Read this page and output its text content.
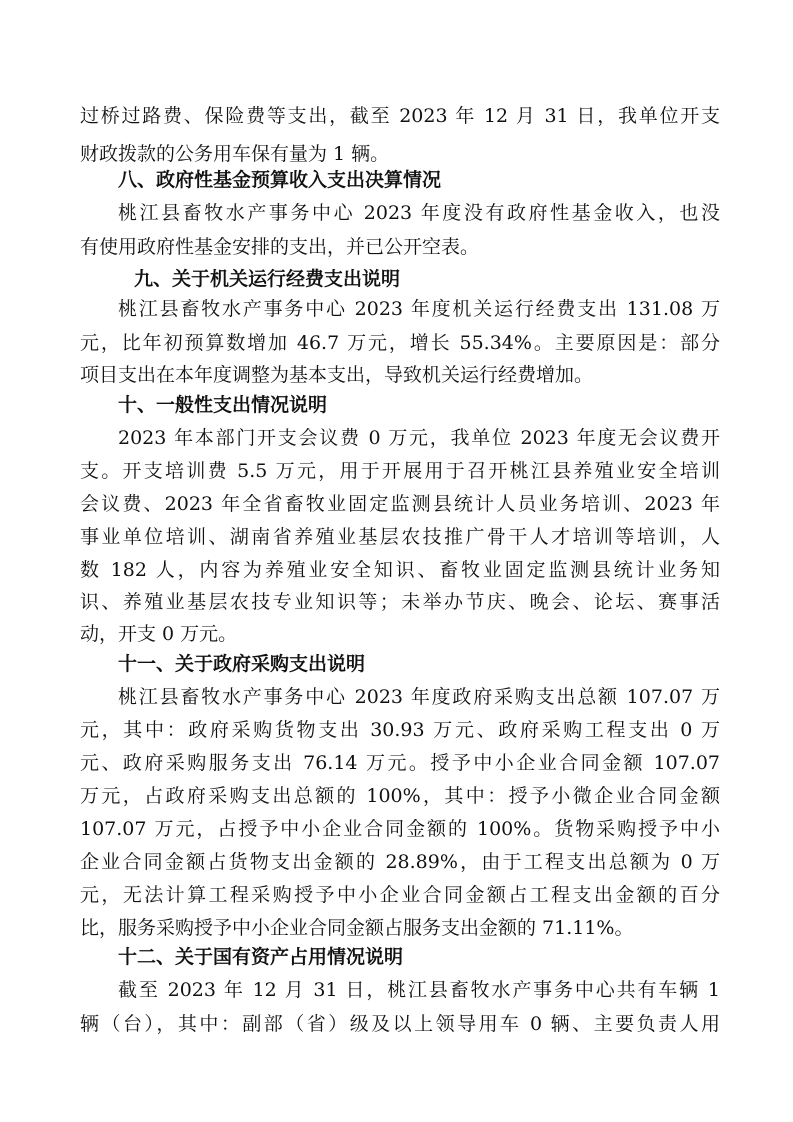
过桥过路费、保险费等支出，截至 2023 年 12 月 31 日，我单位开支
财政拨款的公务用车保有量为 1 辆。
八、政府性基金预算收入支出决算情况
桃江县畜牧水产事务中心 2023 年度没有政府性基金收入，也没
有使用政府性基金安排的支出，并已公开空表。
九、关于机关运行经费支出说明
桃江县畜牧水产事务中心 2023 年度机关运行经费支出 131.08 万
元，比年初预算数增加 46.7 万元，增长 55.34%。主要原因是：部分
项目支出在本年度调整为基本支出，导致机关运行经费增加。
十、一般性支出情况说明
2023 年本部门开支会议费 0 万元，我单位 2023 年度无会议费开
支。开支培训费 5.5 万元，用于开展用于召开桃江县养殖业安全培训
会议费、2023 年全省畜牧业固定监测县统计人员业务培训、2023 年
事业单位培训、湖南省养殖业基层农技推广骨干人才培训等培训，人
数 182 人，内容为养殖业安全知识、畜牧业固定监测县统计业务知
识、养殖业基层农技专业知识等；未举办节庆、晚会、论坛、赛事活
动，开支 0 万元。
十一、关于政府采购支出说明
桃江县畜牧水产事务中心 2023 年度政府采购支出总额 107.07 万
元，其中：政府采购货物支出 30.93 万元、政府采购工程支出 0 万
元、政府采购服务支出 76.14 万元。授予中小企业合同金额 107.07
万元，占政府采购支出总额的 100%，其中：授予小微企业合同金额
107.07 万元，占授予中小企业合同金额的 100%。货物采购授予中小
企业合同金额占货物支出金额的 28.89%，由于工程支出总额为 0 万
元，无法计算工程采购授予中小企业合同金额占工程支出金额的百分
比，服务采购授予中小企业合同金额占服务支出金额的 71.11%。
十二、关于国有资产占用情况说明
截至 2023 年 12 月 31 日，桃江县畜牧水产事务中心共有车辆 1
辆（台），其中：副部（省）级及以上领导用车 0 辆、主要负责人用
